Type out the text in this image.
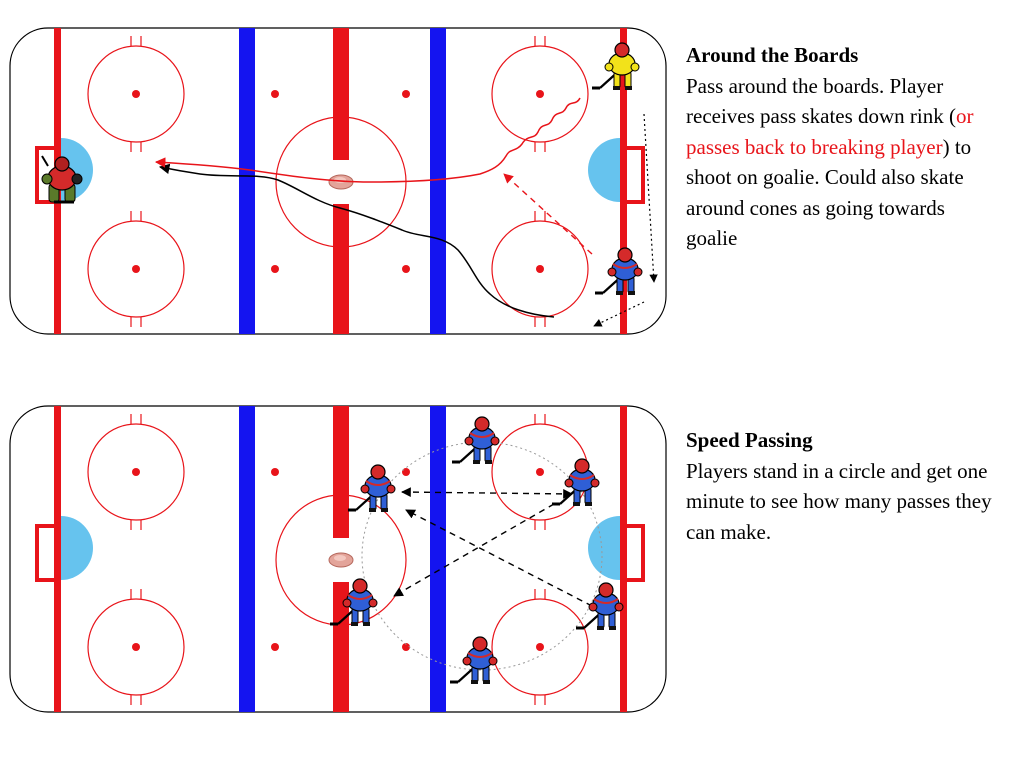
Around the Boards
Pass around the boards. Player receives pass skates down rink (or passes back to breaking player) to shoot on goalie. Could also skate around cones as going towards goalie
Speed Passing
Players stand in a circle and get one minute to see how many passes they can make.
